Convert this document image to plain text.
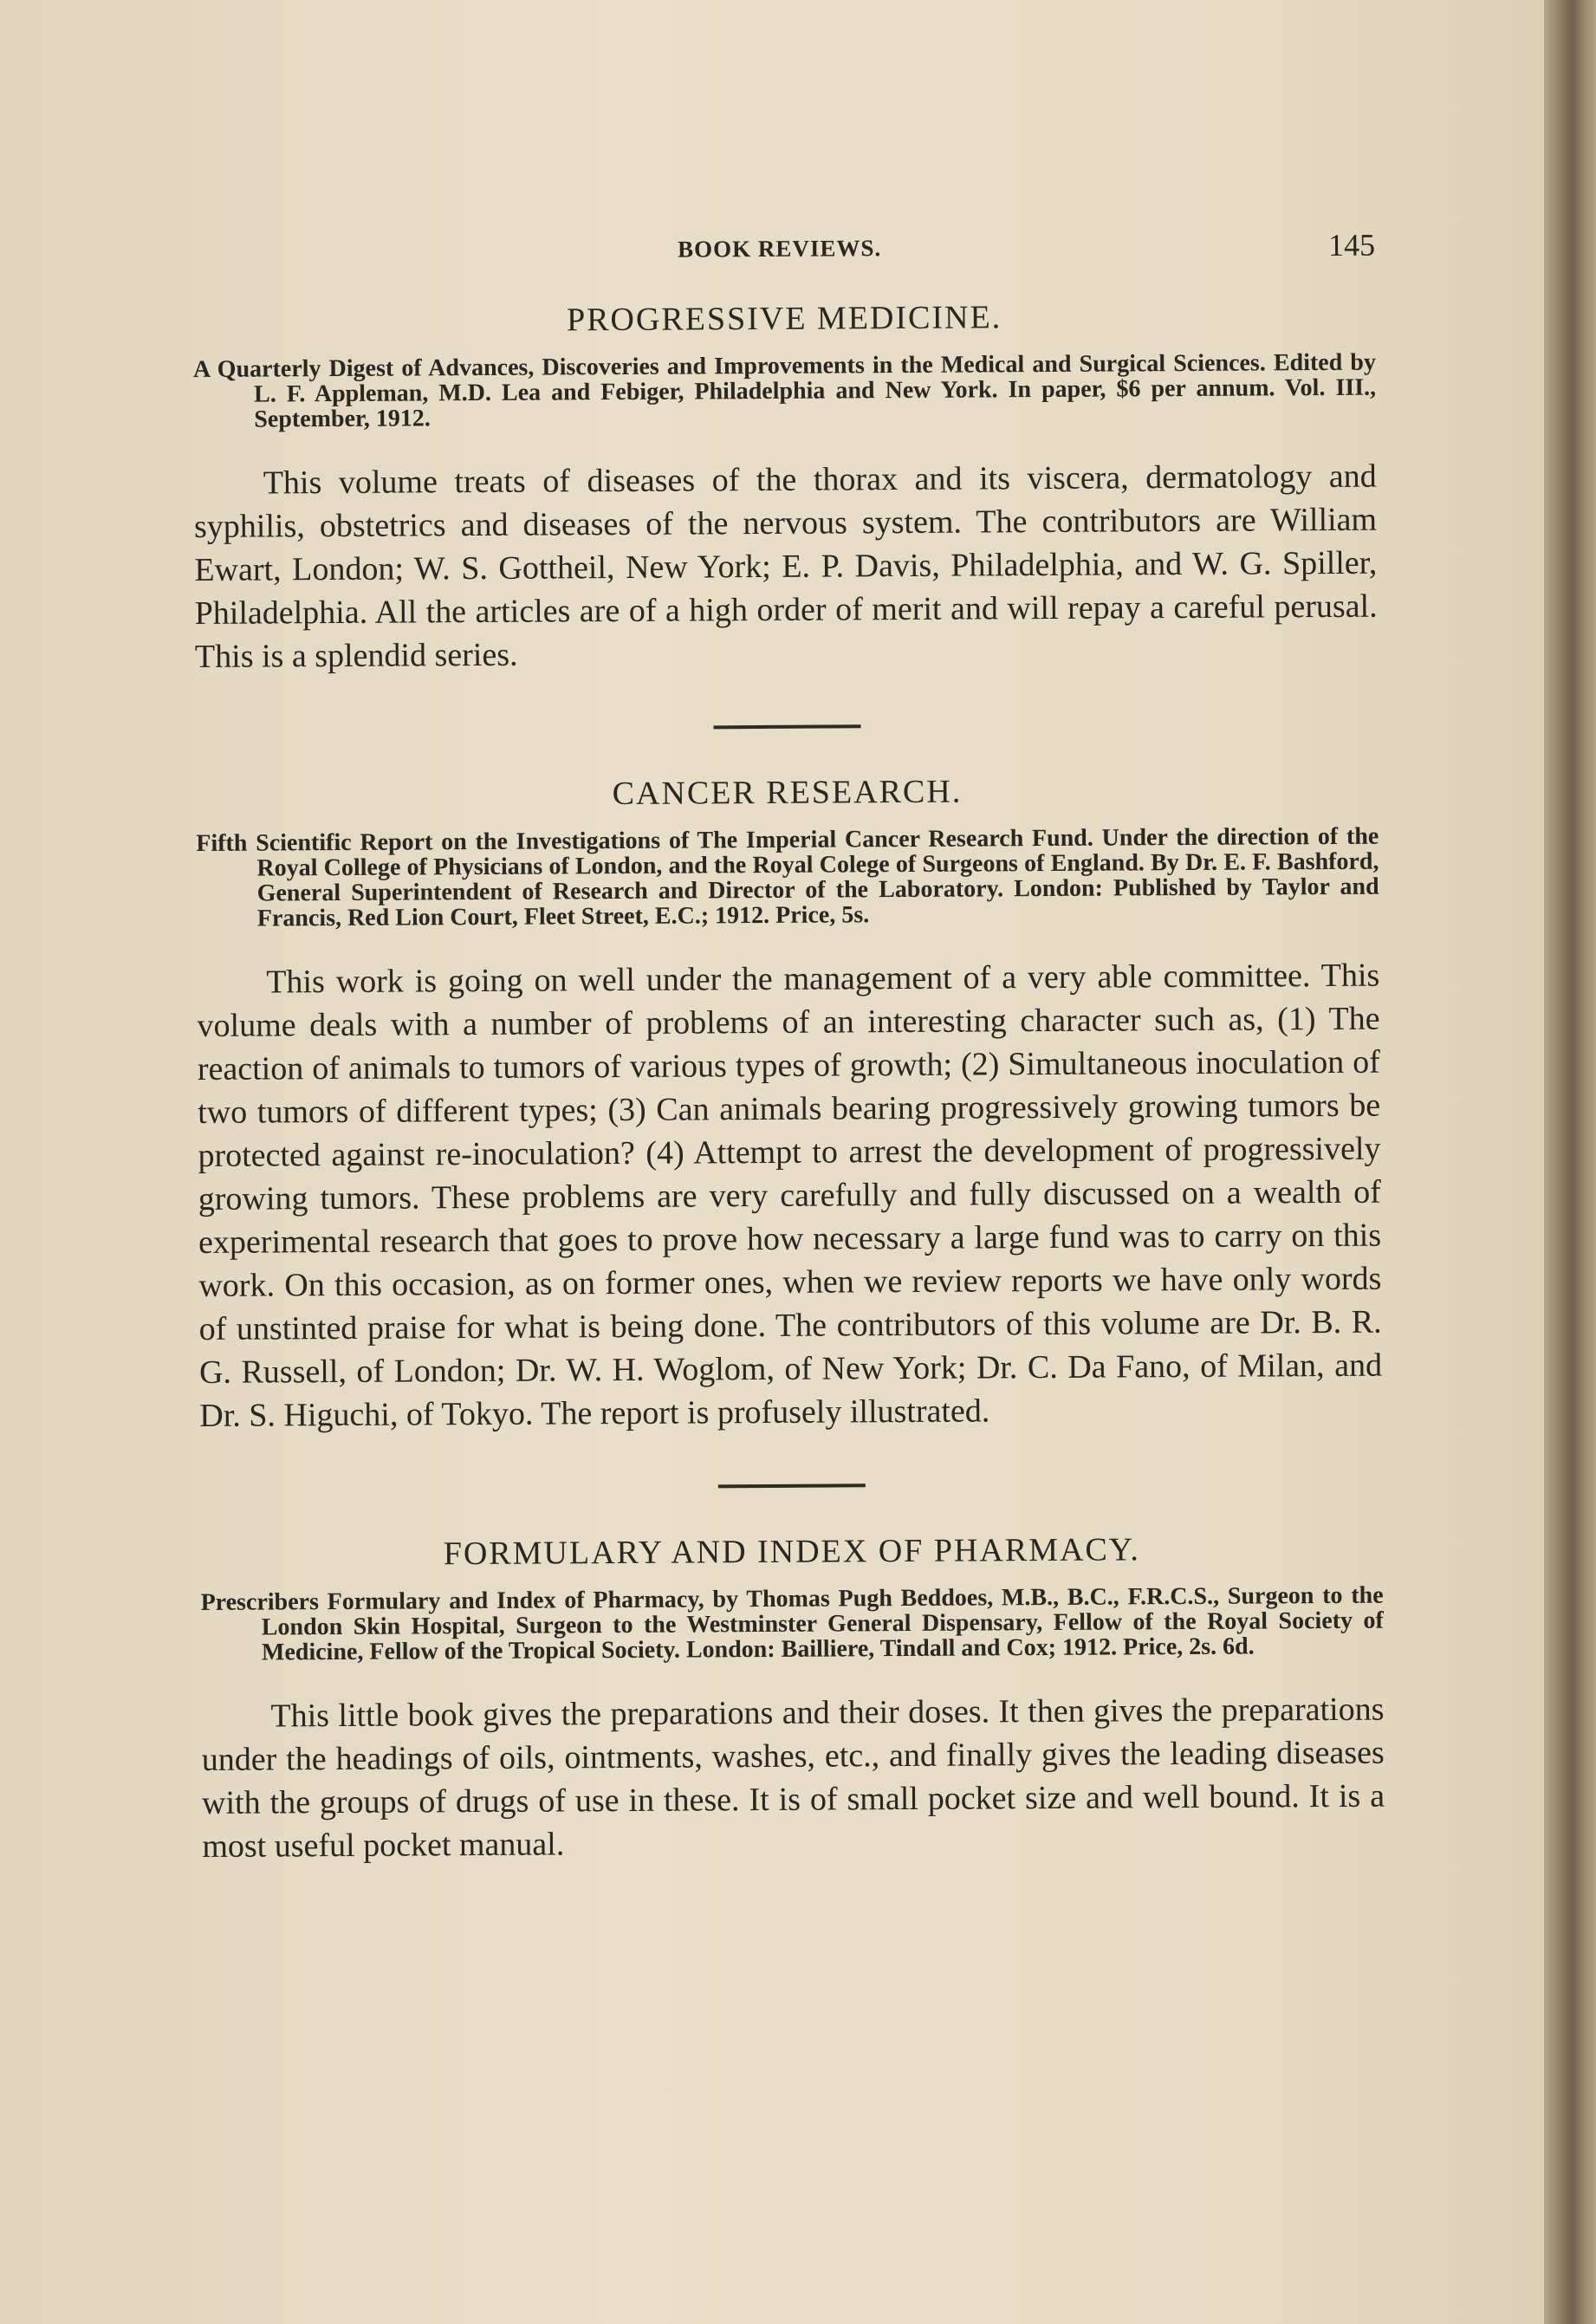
BOOK REVIEWS.	145
PROGRESSIVE MEDICINE.

A Quarterly Digest of Advances, Discoveries and Improvements in the Medical and Surgical Sciences. Edited by L. F. Appleman, M.D. Lea and Febiger, Philadelphia and New York. In paper, $6 per annum. Vol. III., September, 1912.

This volume treats of diseases of the thorax and its viscera, dermatology and syphilis, obstetrics and diseases of the nervous system. The contributors are William Ewart, London; W. S. Gottheil, New York; E. P. Davis, Philadelphia, and W. G. Spiller, Philadelphia. All the articles are of a high order of merit and will repay a careful perusal. This is a splendid series.

CANCER RESEARCH.

Fifth Scientific Report on the Investigations of The Imperial Cancer Research Fund. Under the direction of the Royal College of Physicians of London, and the Royal Colege of Surgeons of England. By Dr. E. F. Bashford, General Superintendent of Research and Director of the Laboratory. London: Published by Taylor and Francis, Red Lion Court, Fleet Street, E.C.; 1912. Price, 5s.

This work is going on well under the management of a very able committee. This volume deals with a number of problems of an interesting character such as, (1) The reaction of animals to tumors of various types of growth; (2) Simultaneous inoculation of two tumors of different types; (3) Can animals bearing progressively growing tumors be protected against re-inoculation? (4) Attempt to arrest the development of progressively growing tumors. These problems are very carefully and fully discussed on a wealth of experimental research that goes to prove how necessary a large fund was to carry on this work. On this occasion, as on former ones, when we review reports we have only words of unstinted praise for what is being done. The contributors of this volume are Dr. B. R. G. Russell, of London; Dr. W. H. Woglom, of New York; Dr. C. Da Fano, of Milan, and Dr. S. Higuchi, of Tokyo. The report is profusely illustrated.

FORMULARY AND INDEX OF PHARMACY.

Prescribers Formulary and Index of Pharmacy, by Thomas Pugh Beddoes, M.B., B.C., F.R.C.S., Surgeon to the London Skin Hospital, Surgeon to the Westminster General Dispensary, Fellow of the Royal Society of Medicine, Fellow of the Tropical Society. London: Bailliere, Tindall and Cox; 1912. Price, 2s. 6d.

This little book gives the preparations and their doses. It then gives the preparations under the headings of oils, ointments, washes, etc., and finally gives the leading diseases with the groups of drugs of use in these. It is of small pocket size and well bound. It is a most useful pocket manual.
